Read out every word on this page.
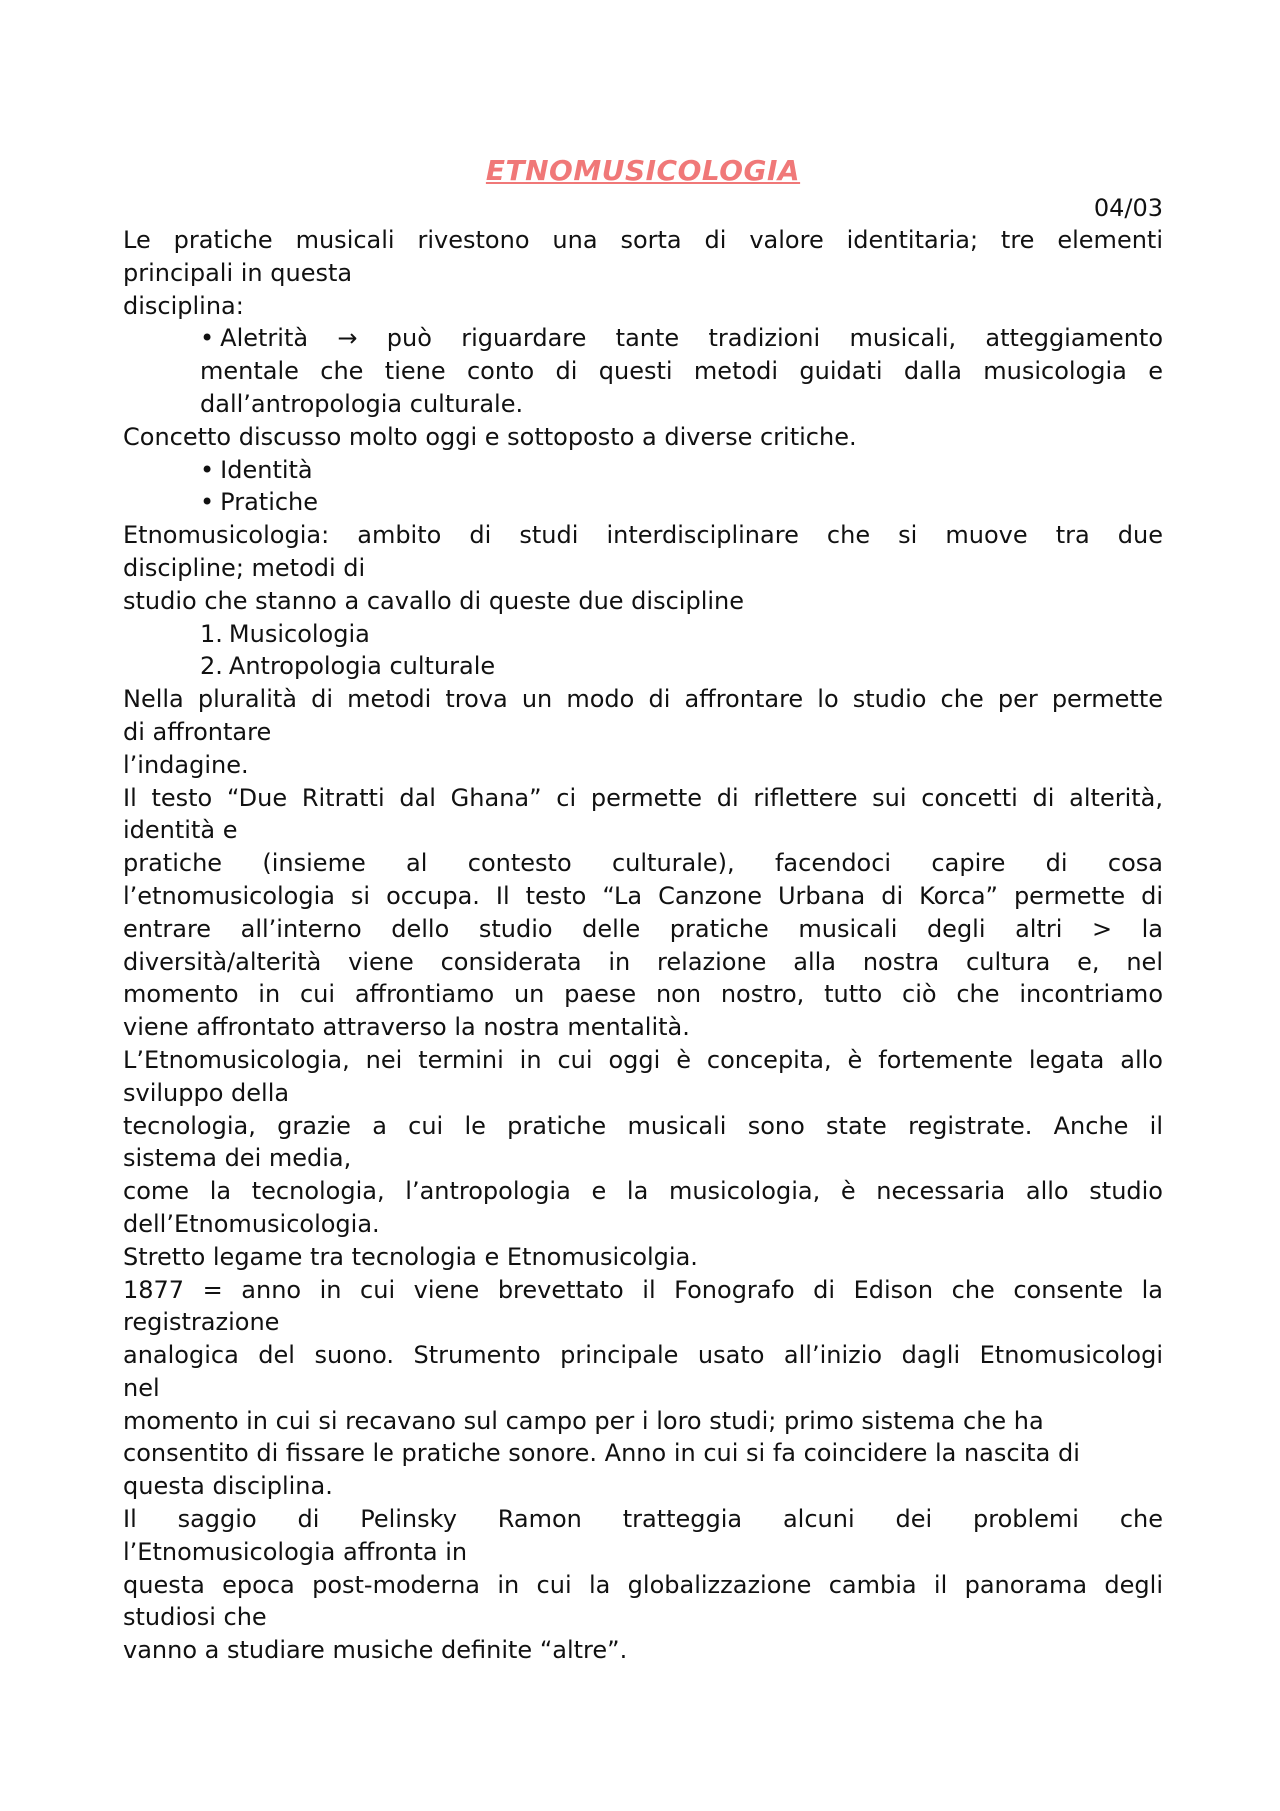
ETNOMUSICOLOGIA
04/03

Le pratiche musicali rivestono una sorta di valore identitaria; tre elementi

principali in questa

disciplina:

• Aletrità → può riguardare tante tradizioni musicali, atteggiamento

mentale che tiene conto di questi metodi guidati dalla musicologia e

dall’antropologia culturale.

Concetto discusso molto oggi e sottoposto a diverse critiche.

• Identità

• Pratiche

Etnomusicologia: ambito di studi interdisciplinare che si muove tra due

discipline; metodi di

studio che stanno a cavallo di queste due discipline

1. Musicologia

2. Antropologia culturale

Nella pluralità di metodi trova un modo di affrontare lo studio che per permette

di affrontare

l’indagine.

Il testo “Due Ritratti dal Ghana” ci permette di riflettere sui concetti di alterità,

identità e

pratiche (insieme al contesto culturale), facendoci capire di cosa

l’etnomusicologia si occupa. Il testo “La Canzone Urbana di Korca” permette di

entrare all’interno dello studio delle pratiche musicali degli altri > la

diversità/alterità viene considerata in relazione alla nostra cultura e, nel

momento in cui affrontiamo un paese non nostro, tutto ciò che incontriamo

viene affrontato attraverso la nostra mentalità.

L’Etnomusicologia, nei termini in cui oggi è concepita, è fortemente legata allo

sviluppo della

tecnologia, grazie a cui le pratiche musicali sono state registrate. Anche il

sistema dei media,

come la tecnologia, l’antropologia e la musicologia, è necessaria allo studio

dell’Etnomusicologia.

Stretto legame tra tecnologia e Etnomusicolgia.

1877 = anno in cui viene brevettato il Fonografo di Edison che consente la

registrazione

analogica del suono. Strumento principale usato all’inizio dagli Etnomusicologi

nel

momento in cui si recavano sul campo per i loro studi; primo sistema che ha

consentito di fissare le pratiche sonore. Anno in cui si fa coincidere la nascita di

questa disciplina.

Il saggio di Pelinsky Ramon tratteggia alcuni dei problemi che

l’Etnomusicologia affronta in

questa epoca post-moderna in cui la globalizzazione cambia il panorama degli

studiosi che

vanno a studiare musiche definite “altre”.
